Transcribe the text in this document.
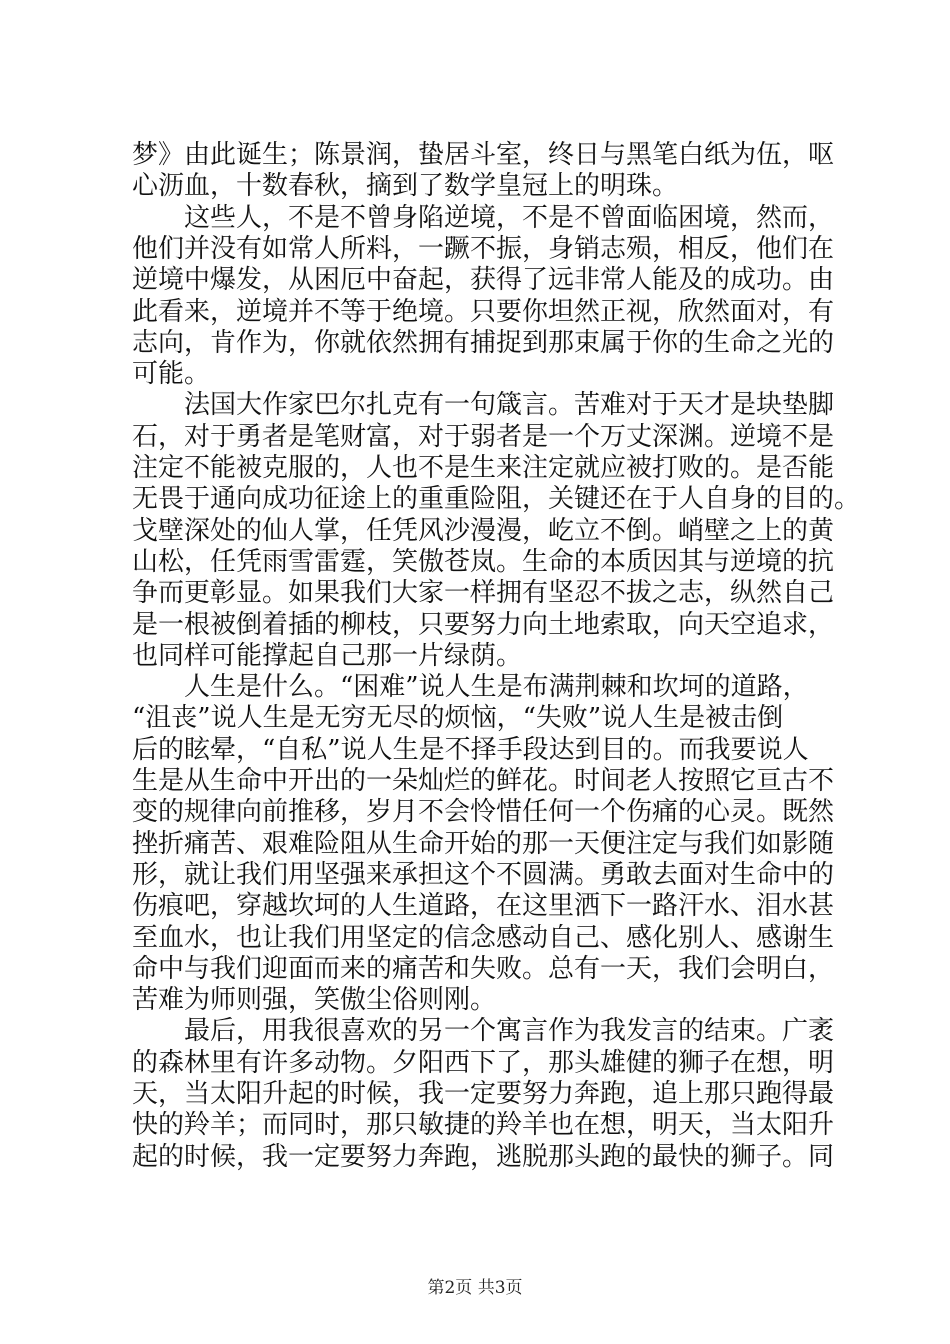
梦》由此诞生；陈景润，蛰居斗室，终日与黑笔白纸为伍，呕
心沥血，十数春秋，摘到了数学皇冠上的明珠。
　　这些人，不是不曾身陷逆境，不是不曾面临困境，然而，
他们并没有如常人所料，一蹶不振，身销志殒，相反，他们在
逆境中爆发，从困厄中奋起，获得了远非常人能及的成功。由
此看来，逆境并不等于绝境。只要你坦然正视，欣然面对，有
志向，肯作为，你就依然拥有捕捉到那束属于你的生命之光的
可能。
　　法国大作家巴尔扎克有一句箴言。苦难对于天才是块垫脚
石，对于勇者是笔财富，对于弱者是一个万丈深渊。逆境不是
注定不能被克服的，人也不是生来注定就应被打败的。是否能
无畏于通向成功征途上的重重险阻，关键还在于人自身的目的。
戈壁深处的仙人掌，任凭风沙漫漫，屹立不倒。峭壁之上的黄
山松，任凭雨雪雷霆，笑傲苍岚。生命的本质因其与逆境的抗
争而更彰显。如果我们大家一样拥有坚忍不拔之志，纵然自己
是一根被倒着插的柳枝，只要努力向土地索取，向天空追求，
也同样可能撑起自己那一片绿荫。
　　人生是什么。“困难”说人生是布满荆棘和坎坷的道路，
“沮丧”说人生是无穷无尽的烦恼，“失败”说人生是被击倒
后的眩晕，“自私”说人生是不择手段达到目的。而我要说人
生是从生命中开出的一朵灿烂的鲜花。时间老人按照它亘古不
变的规律向前推移，岁月不会怜惜任何一个伤痛的心灵。既然
挫折痛苦、艰难险阻从生命开始的那一天便注定与我们如影随
形，就让我们用坚强来承担这个不圆满。勇敢去面对生命中的
伤痕吧，穿越坎坷的人生道路，在这里洒下一路汗水、泪水甚
至血水，也让我们用坚定的信念感动自己、感化别人、感谢生
命中与我们迎面而来的痛苦和失败。总有一天，我们会明白，
苦难为师则强，笑傲尘俗则刚。
　　最后，用我很喜欢的另一个寓言作为我发言的结束。广袤
的森林里有许多动物。夕阳西下了，那头雄健的狮子在想，明
天，当太阳升起的时候，我一定要努力奔跑，追上那只跑得最
快的羚羊；而同时，那只敏捷的羚羊也在想，明天，当太阳升
起的时候，我一定要努力奔跑，逃脱那头跑的最快的狮子。同
第2页 共3页
